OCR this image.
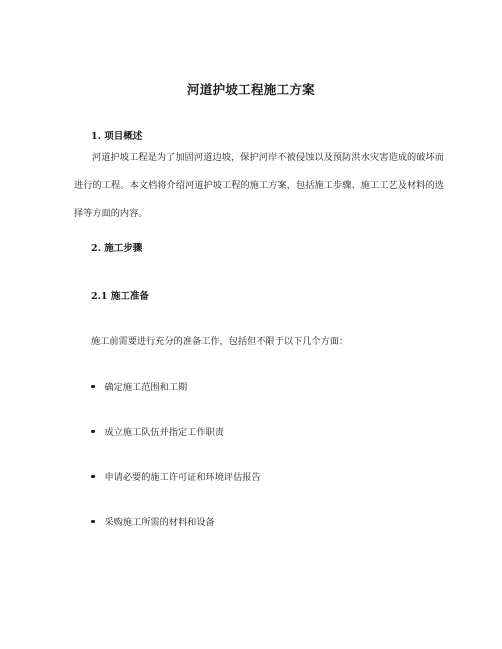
河道护坡工程施工方案
1. 项目概述
河道护坡工程是为了加固河道边坡，保护河岸不被侵蚀以及预防洪水灾害造成的破坏而进行的工程。本文档将介绍河道护坡工程的施工方案，包括施工步骤、施工工艺及材料的选择等方面的内容。
2. 施工步骤
2.1 施工准备
施工前需要进行充分的准备工作，包括但不限于以下几个方面：
确定施工范围和工期
成立施工队伍并指定工作职责
申请必要的施工许可证和环境评估报告
采购施工所需的材料和设备
